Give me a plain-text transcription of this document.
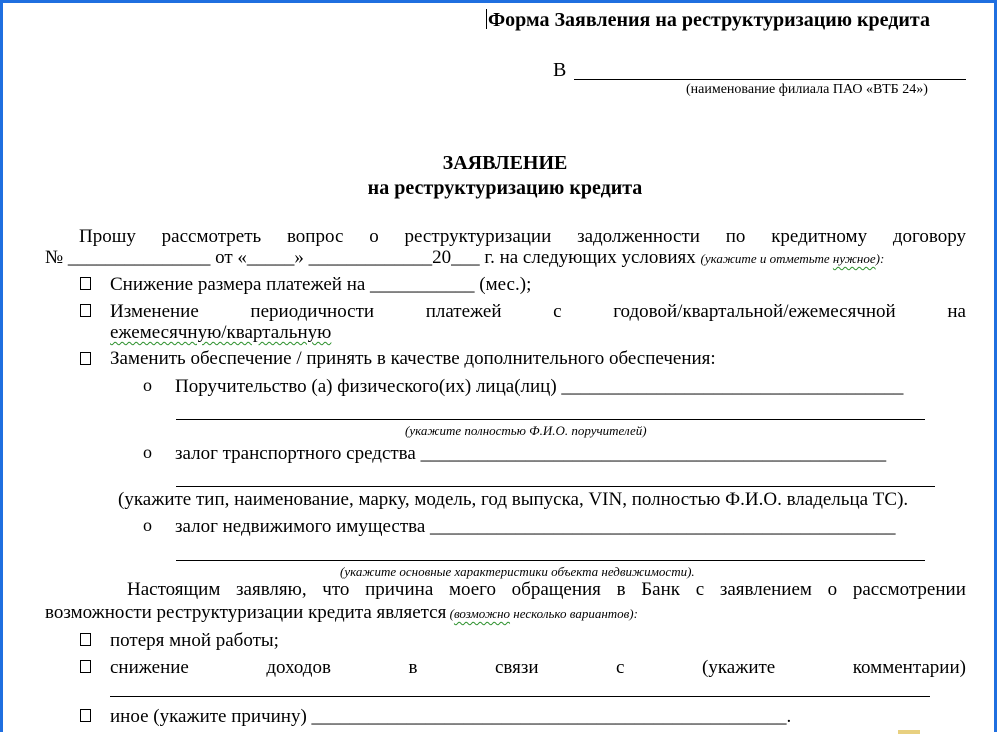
Форма Заявления на реструктуризацию кредита
В
(наименование филиала ПАО «ВТБ 24»)
ЗАЯВЛЕНИЕ
на реструктуризацию кредита
Прошу рассмотреть вопрос о реструктуризации задолженности по кредитному договору
№ _______________ от «_____» _____________20___ г. на следующих условиях (укажите и отметьте нужное):
Снижение размера платежей на ___________ (мес.);
Изменение	периодичности	платежей	с	годовой/квартальной/ежемесячной	на
ежемесячную/квартальную
Заменить обеспечение / принять в качестве дополнительного обеспечения:
o Поручительство (а) физического(их) лица(лиц) ____________________________________
(укажите полностью Ф.И.О. поручителей)
o залог транспортного средства _________________________________________________
(укажите тип, наименование, марку, модель, год выпуска, VIN, полностью Ф.И.О. владельца ТС).
o залог недвижимого имущества _________________________________________________
(укажите основные характеристики объекта недвижимости).
Настоящим заявляю, что причина моего обращения в Банк с заявлением о рассмотрении
возможности реструктуризации кредита является (возможно несколько вариантов):
потеря мной работы;
снижение	доходов	в	связи	с	(укажите	комментарии)
иное (укажите причину) __________________________________________________.
